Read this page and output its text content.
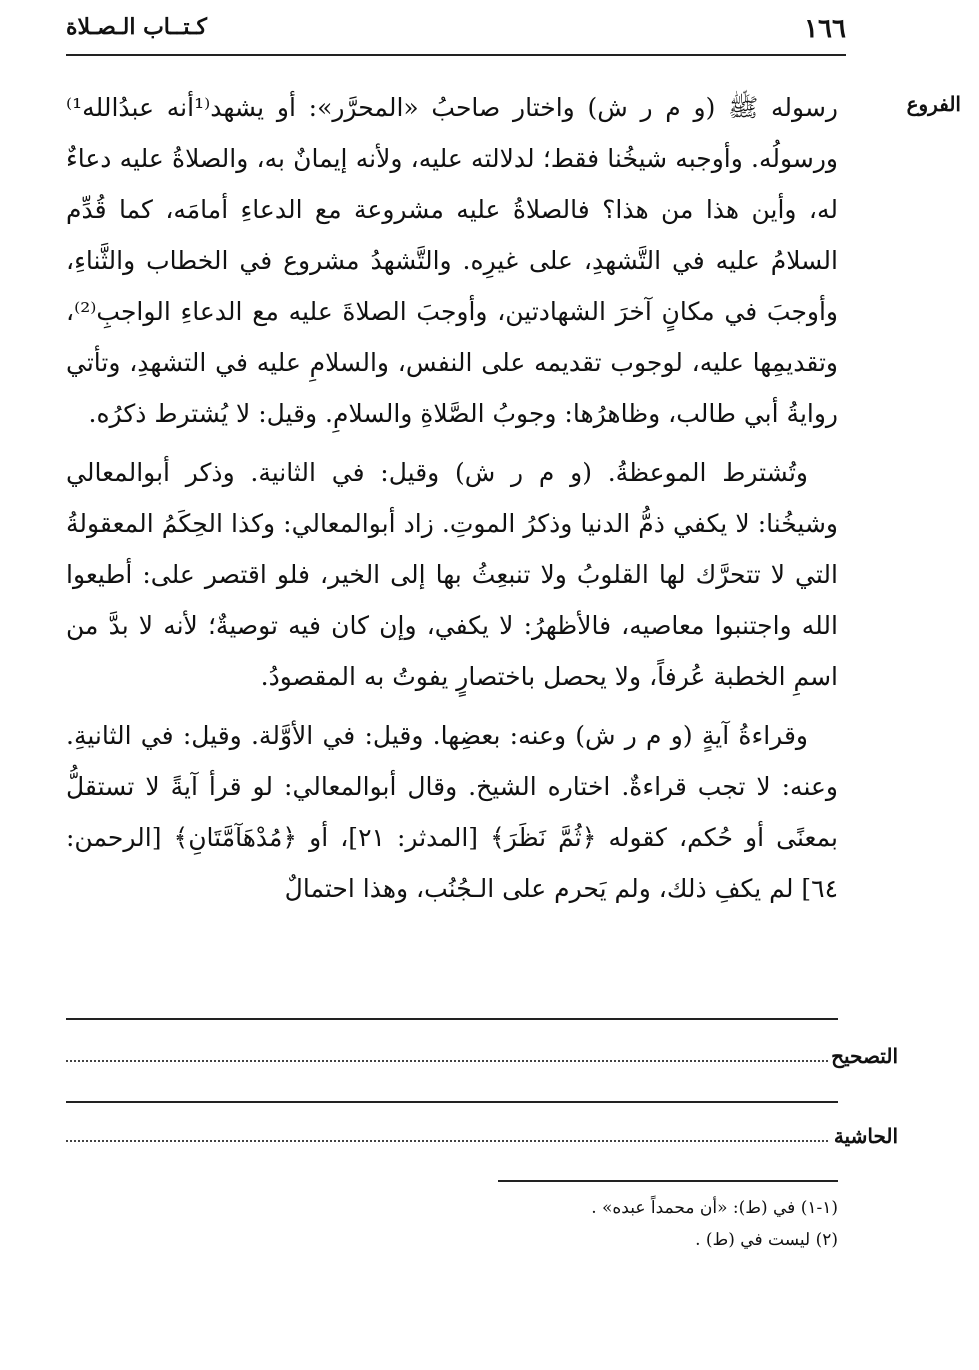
١٦٦
كـتــاب الـصـلاة
الفروع

رسوله ﷺ (و م ر ش) واختار صاحبُ «المحرَّر»: أو يشهد⁽¹أنه عبدُالله¹⁾ ورسولُه. وأوجبه شيخُنا فقط؛ لدلالته عليه، ولأنه إيمانٌ به، والصلاةُ عليه دعاءٌ له، وأين هذا من هذا؟ فالصلاةُ عليه مشروعة مع الدعاءِ أمامَه، كما قُدِّم السلامُ عليه في التَّشهدِ، على غيرِه. والتَّشهدُ مشروع في الخطاب والثَّناءِ، وأوجبَ في مكانٍ آخرَ الشهادتين، وأوجبَ الصلاةَ عليه مع الدعاءِ الواجبِ⁽²⁾، وتقديمِها عليه، لوجوب تقديمه على النفس، والسلامِ عليه في التشهدِ، وتأتي روايةُ أبي طالب، وظاهرُها: وجوبُ الصَّلاةِ والسلامِ. وقيل: لا يُشترط ذكرُه.

وتُشترط الموعظةُ. (و م ر ش) وقيل: في الثانية. وذكر أبوالمعالي وشيخُنا: لا يكفي ذمُّ الدنيا وذكرُ الموتِ. زاد أبوالمعالي: وكذا الحِكَمُ المعقولةُ التي لا تتحرَّك لها القلوبُ ولا تنبعِثُ بها إلى الخير، فلو اقتصر على: أطيعوا الله واجتنبوا معاصيه، فالأظهرُ: لا يكفي، وإن كان فيه توصيةٌ؛ لأنه لا بدَّ من اسمِ الخطبة عُرفاً، ولا يحصل باختصارٍ يفوتُ به المقصودُ.

وقراءةُ آيةٍ (و م ر ش) وعنه: بعضِها. وقيل: في الأوَّلة. وقيل: في الثانيةِ. وعنه: لا تجب قراءةٌ. اختاره الشيخ. وقال أبوالمعالي: لو قرأ آيةً لا تستقلُّ بمعنًى أو حُكم، كقوله ﴿ثُمَّ نَظَرَ﴾ [المدثر: ٢١]، أو ﴿مُدْهَآمَّتَانِ﴾ [الرحمن: ٦٤] لم يكفِ ذلك، ولم يَحرم على الـجُنُب، وهذا احتمالٌ

التصحيح
الحاشية
(١-١) في (ط): «أن محمداً عبده» .
(٢) ليست في (ط) .
